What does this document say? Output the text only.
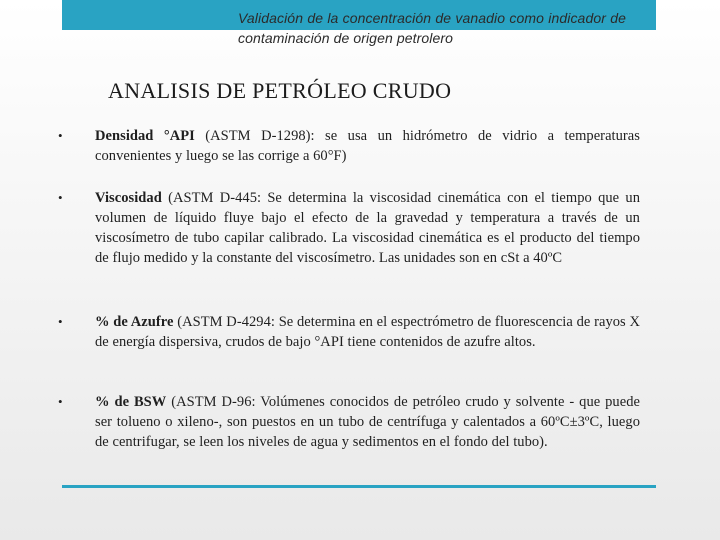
Validación de la concentración de vanadio como indicador de contaminación de origen petrolero
ANALISIS DE PETRÓLEO CRUDO
• Densidad °API (ASTM D-1298): se usa un hidrómetro de vidrio a temperaturas convenientes y luego se las corrige a 60°F)
• Viscosidad (ASTM D-445: Se determina la viscosidad cinemática con el tiempo que un volumen de líquido fluye bajo el efecto de la gravedad y temperatura a través de un viscosímetro de tubo capilar calibrado. La viscosidad cinemática es el producto del tiempo de flujo medido y la constante del viscosímetro. Las unidades son en cSt a 40ºC
• % de Azufre (ASTM D-4294: Se determina en el espectrómetro de fluorescencia de rayos X de energía dispersiva, crudos de bajo °API tiene contenidos de azufre altos.
• % de BSW (ASTM D-96: Volúmenes conocidos de petróleo crudo y solvente - que puede ser tolueno o xileno-, son puestos en un tubo de centrífuga y calentados a 60ºC±3ºC, luego de centrifugar, se leen los niveles de agua y sedimentos en el fondo del tubo).
